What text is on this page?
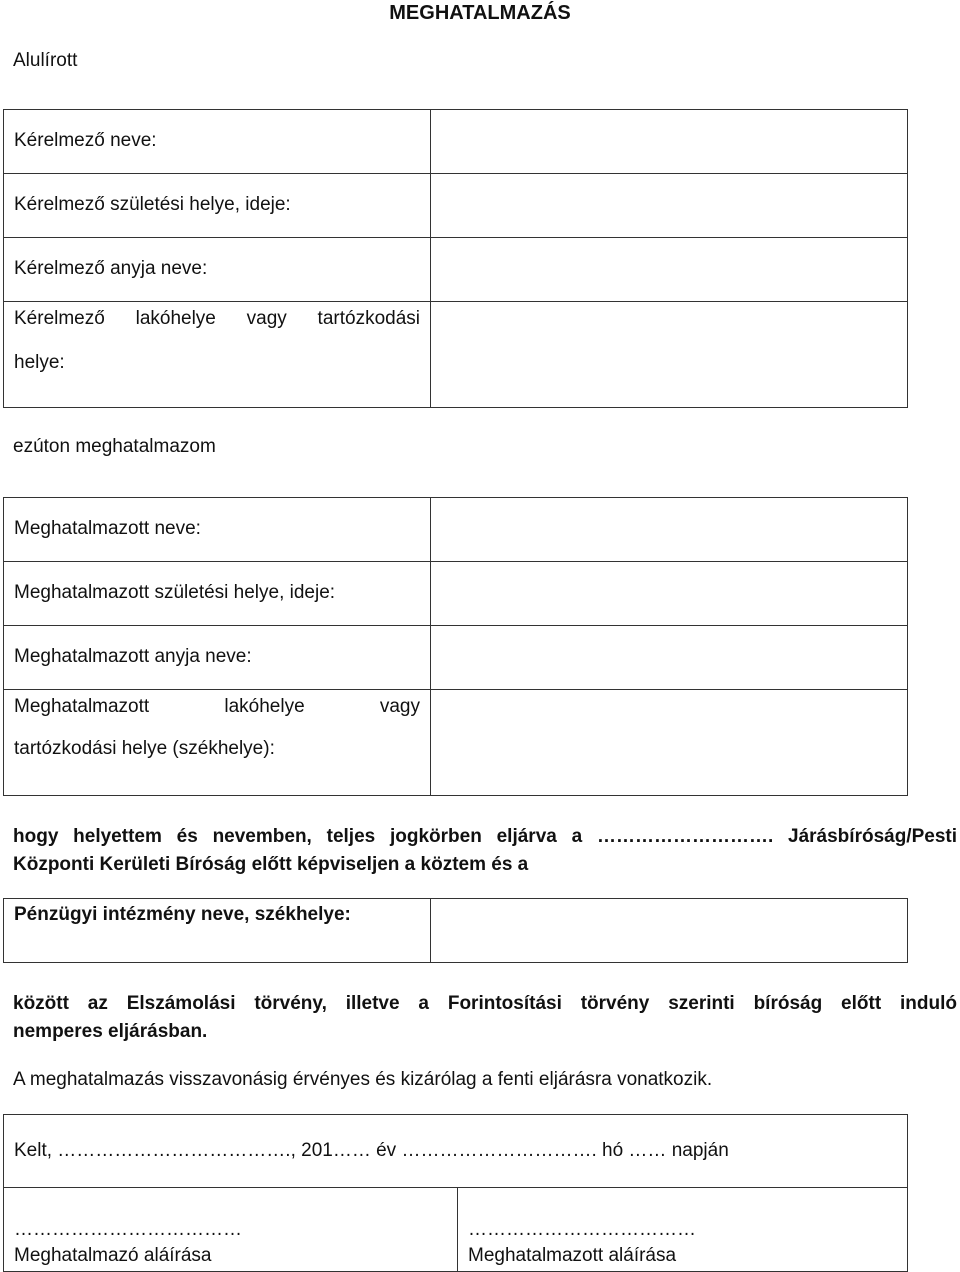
MEGHATALMAZÁS
Alulírott
Kérelmező neve:	

Kérelmező születési helye, ideje:	

Kérelmező anyja neve:	

Kérelmező lakóhelye vagy tartózkodási
helye:	

ezúton meghatalmazom
Meghatalmazott neve:	

Meghatalmazott születési helye, ideje:	

Meghatalmazott anyja neve:	

Meghatalmazott lakóhelye vagy
tartózkodási helye (székhelye):	

hogy helyettem és nevemben, teljes jogkörben eljárva a ………………………. Járásbíróság/Pesti
Központi Kerületi Bíróság előtt képviseljen a köztem és a
Pénzügyi intézmény neve, székhelye:

között az Elszámolási törvény, illetve a Forintosítási törvény szerinti bíróság előtt induló
nemperes eljárásban.
A meghatalmazás visszavonásig érvényes és kizárólag a fenti eljárásra vonatkozik.
Kelt, ………………………………., 201…… év …………………………. hó …… napján

………………………………
Meghatalmazó aláírása

………………………………
Meghatalmazott aláírása
